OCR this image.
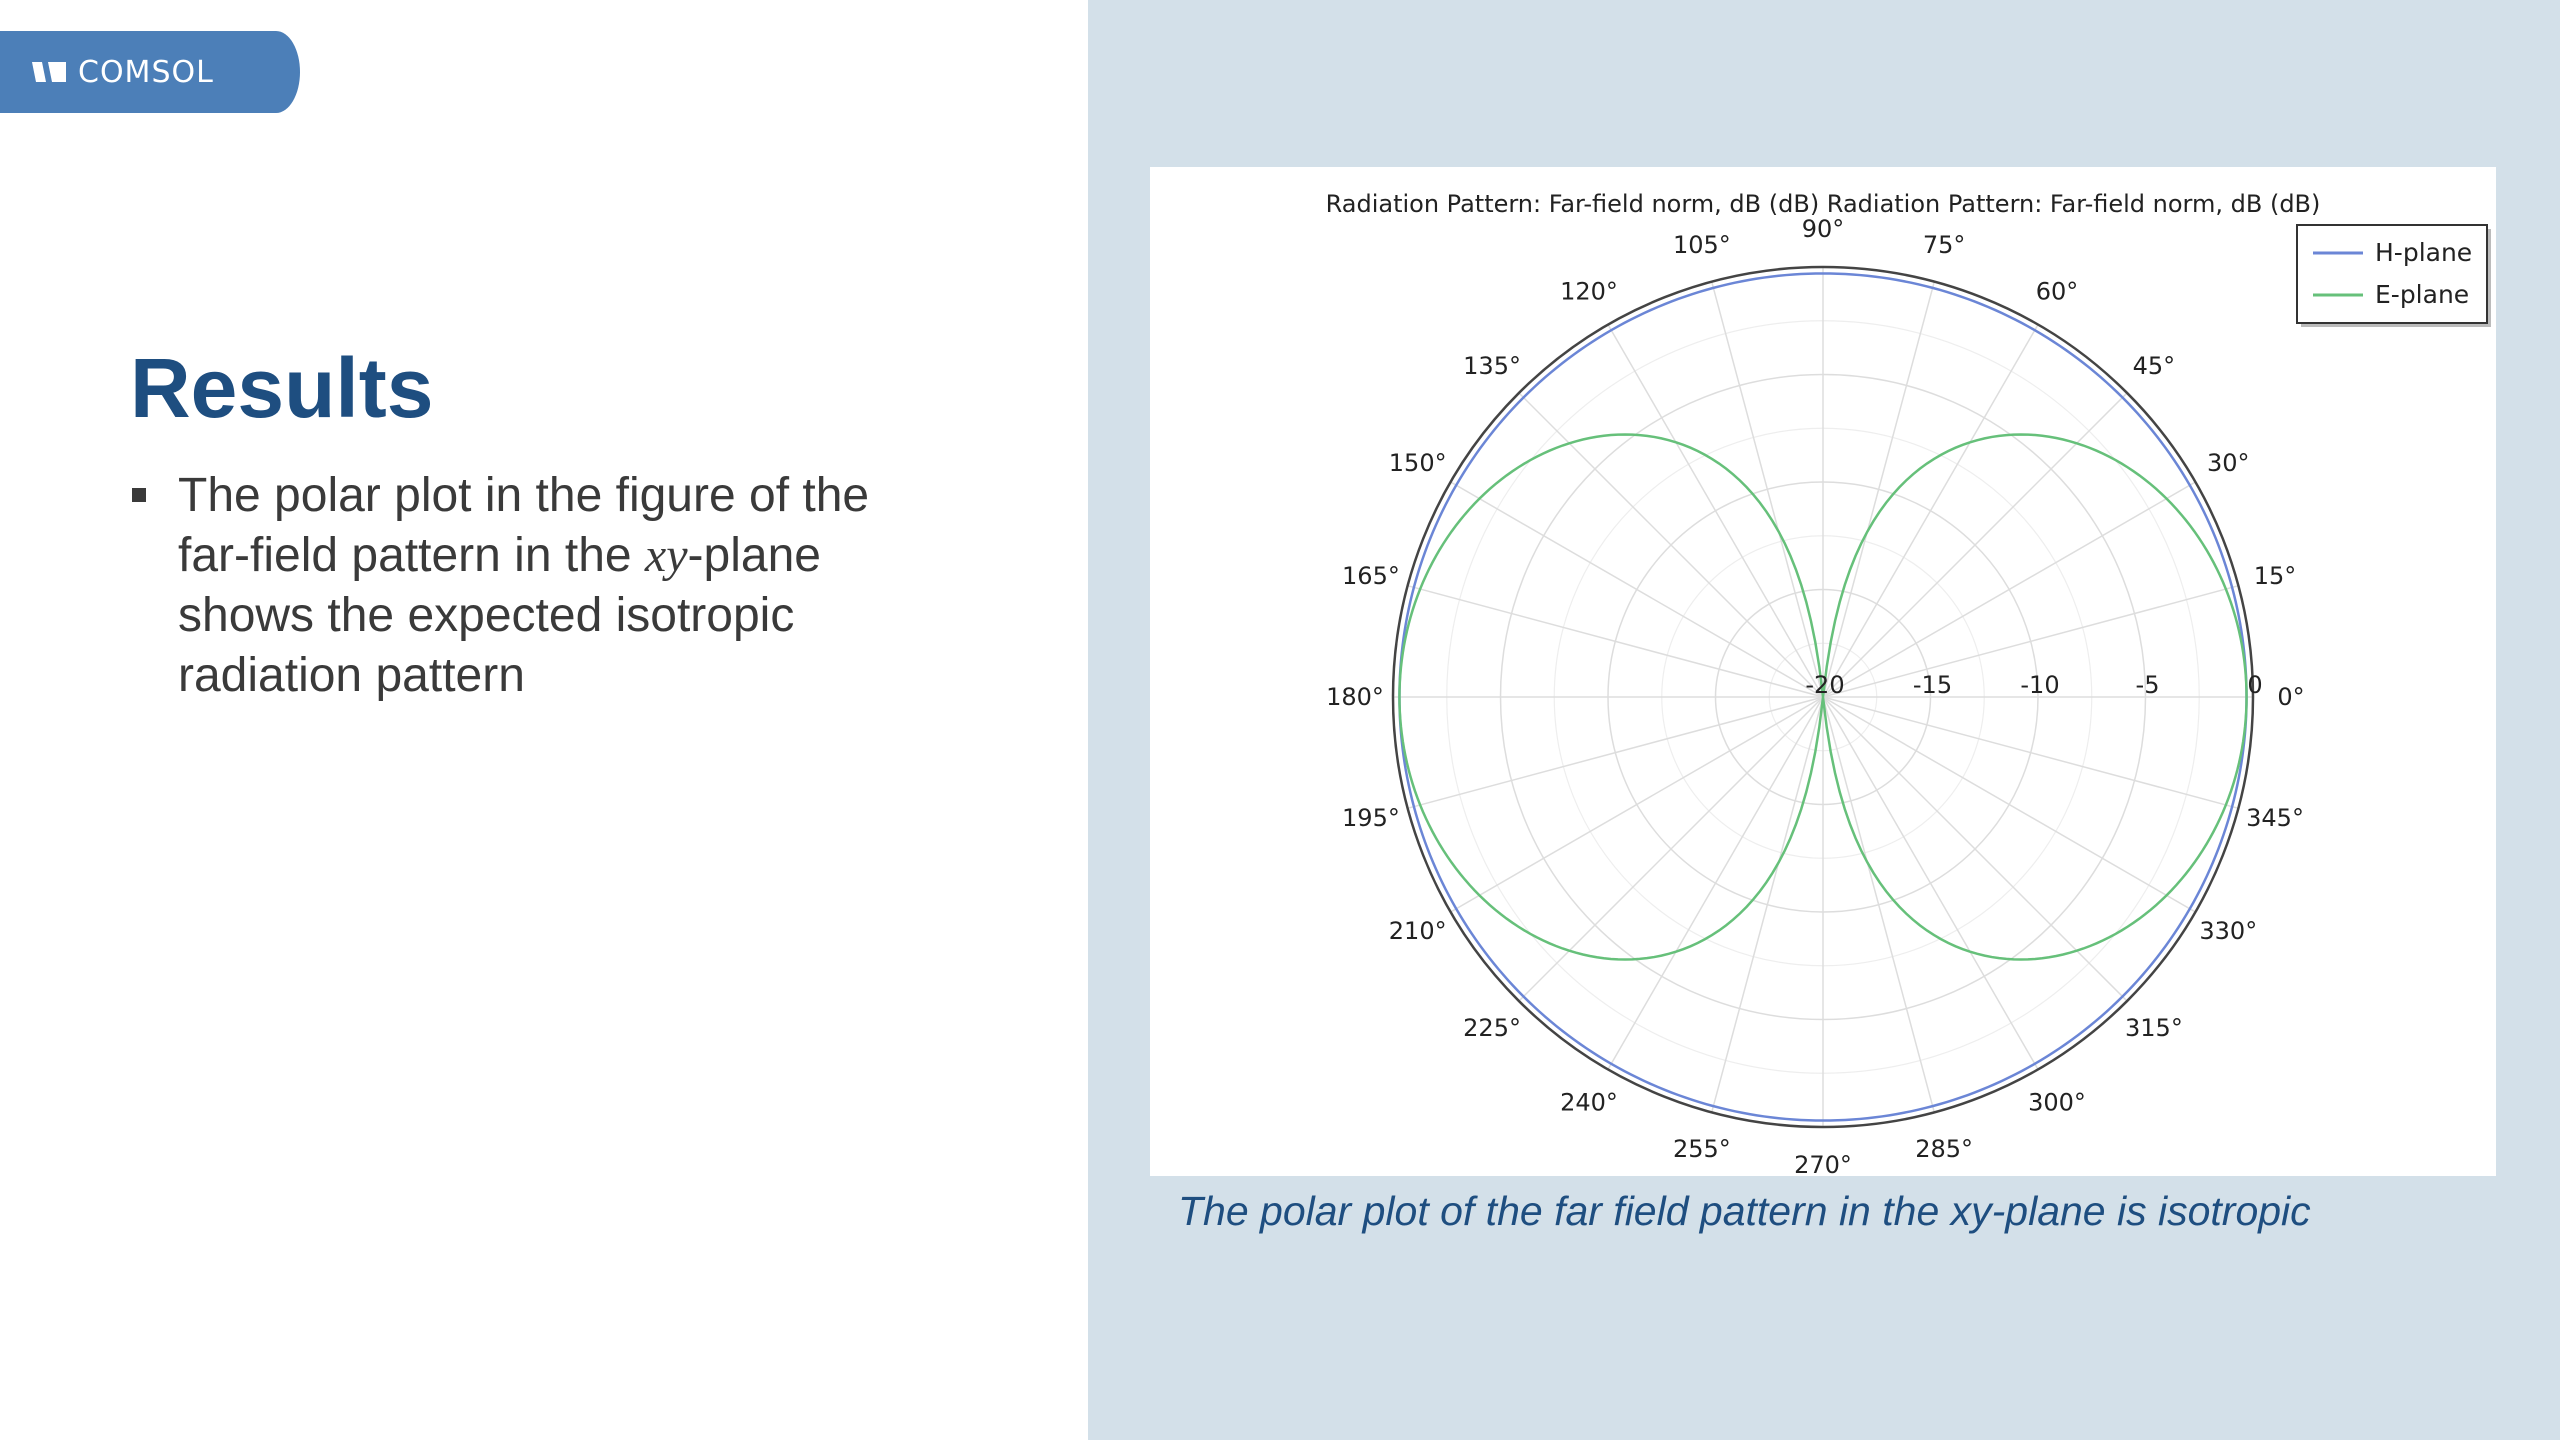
COMSOL
Results
The polar plot in the figure of the far-field pattern in the xy-plane shows the expected isotropic radiation pattern
Radiation Pattern: Far-field norm, dB (dB) Radiation Pattern: Far-field norm, dB (dB)
0°
15°
30°
45°
60°
75°
90°
105°
120°
135°
150°
165°
180°
195°
210°
225°
240°
255°
270°
285°
300°
315°
330°
345°
-20	-15	-10	-5	0
H-plane
E-plane
The polar plot of the far field pattern in the xy-plane is isotropic
